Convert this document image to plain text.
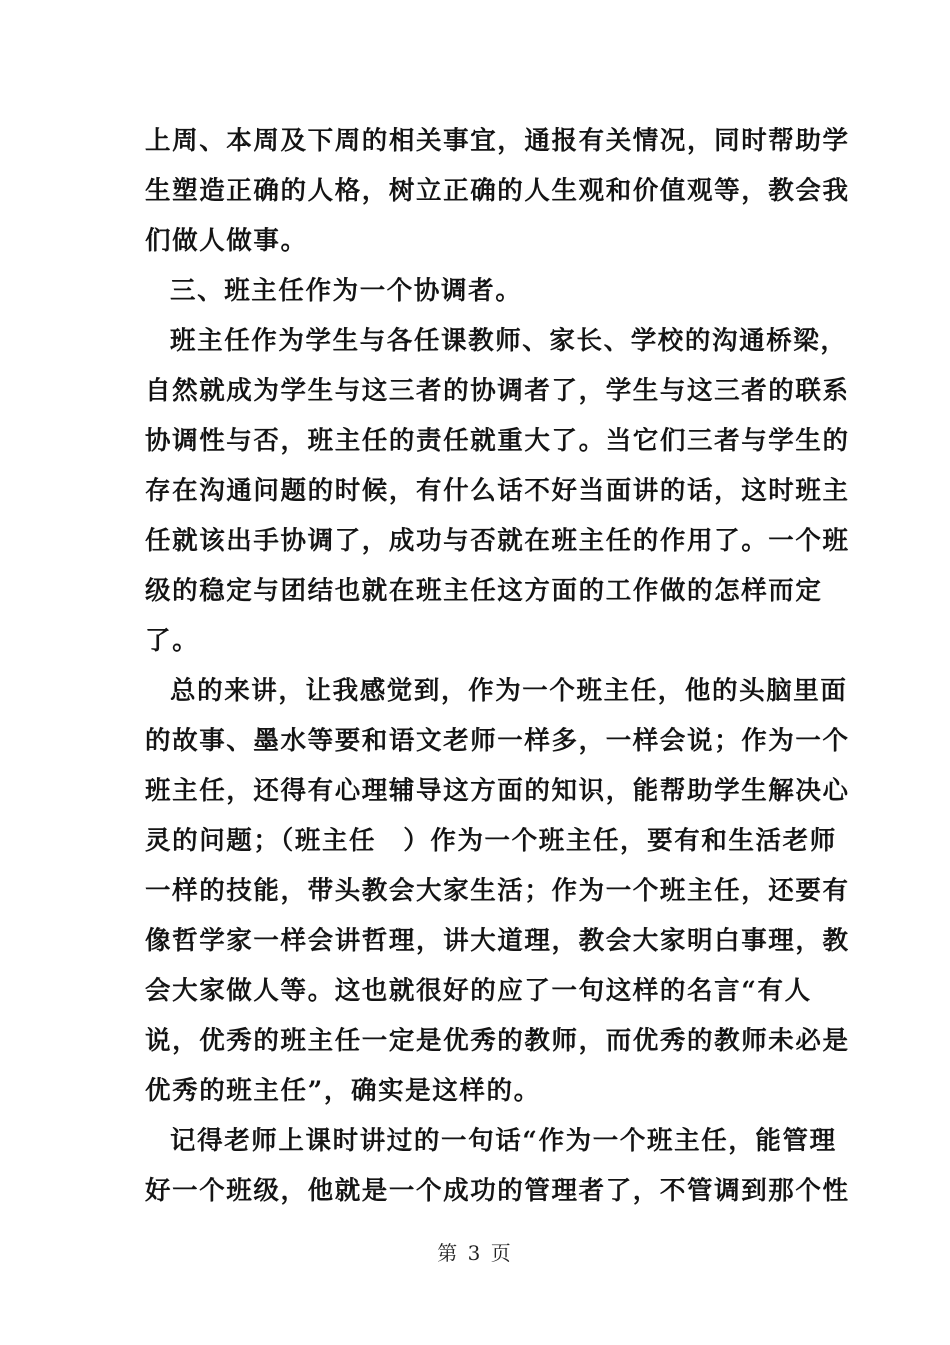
上周、本周及下周的相关事宜，通报有关情况，同时帮助学
生塑造正确的人格，树立正确的人生观和价值观等，教会我
们做人做事。
三、班主任作为一个协调者。
班主任作为学生与各任课教师、家长、学校的沟通桥梁，
自然就成为学生与这三者的协调者了，学生与这三者的联系
协调性与否，班主任的责任就重大了。当它们三者与学生的
存在沟通问题的时候，有什么话不好当面讲的话，这时班主
任就该出手协调了，成功与否就在班主任的作用了。一个班
级的稳定与团结也就在班主任这方面的工作做的怎样而定
了。
总的来讲，让我感觉到，作为一个班主任，他的头脑里面
的故事、墨水等要和语文老师一样多，一样会说；作为一个
班主任，还得有心理辅导这方面的知识，能帮助学生解决心
灵的问题；（班主任　）作为一个班主任，要有和生活老师
一样的技能，带头教会大家生活；作为一个班主任，还要有
像哲学家一样会讲哲理，讲大道理，教会大家明白事理，教
会大家做人等。这也就很好的应了一句这样的名言“有人
说，优秀的班主任一定是优秀的教师，而优秀的教师未必是
优秀的班主任”，确实是这样的。
记得老师上课时讲过的一句话“作为一个班主任，能管理
好一个班级，他就是一个成功的管理者了，不管调到那个性
第 3 页
